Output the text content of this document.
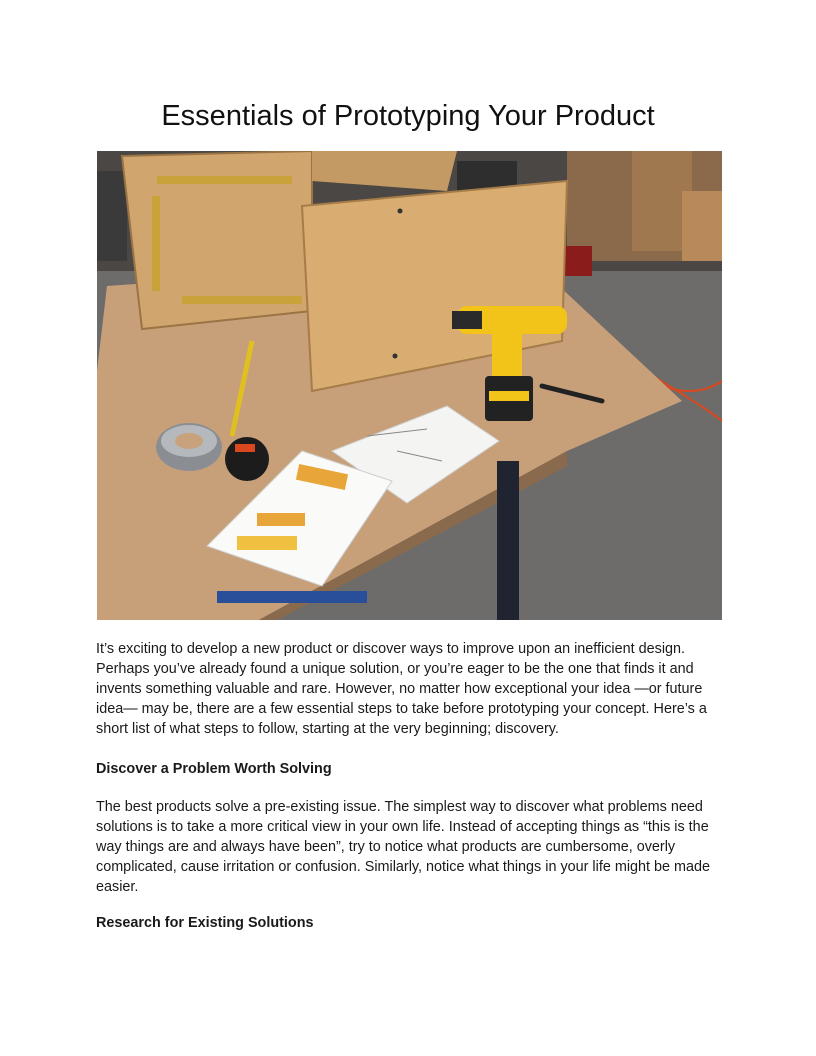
Essentials of Prototyping Your Product
It’s exciting to develop a new product or discover ways to improve upon an inefficient design. Perhaps you’ve already found a unique solution, or you’re eager to be the one that finds it and invents something valuable and rare. However, no matter how exceptional your idea —or future idea— may be, there are a few essential steps to take before prototyping your concept. Here’s a short list of what steps to follow, starting at the very beginning; discovery.
Discover a Problem Worth Solving
The best products solve a pre-existing issue. The simplest way to discover what problems need solutions is to take a more critical view in your own life. Instead of accepting things as “this is the way things are and always have been”, try to notice what products are cumbersome, overly complicated, cause irritation or confusion. Similarly, notice what things in your life might be made easier.
Research for Existing Solutions
